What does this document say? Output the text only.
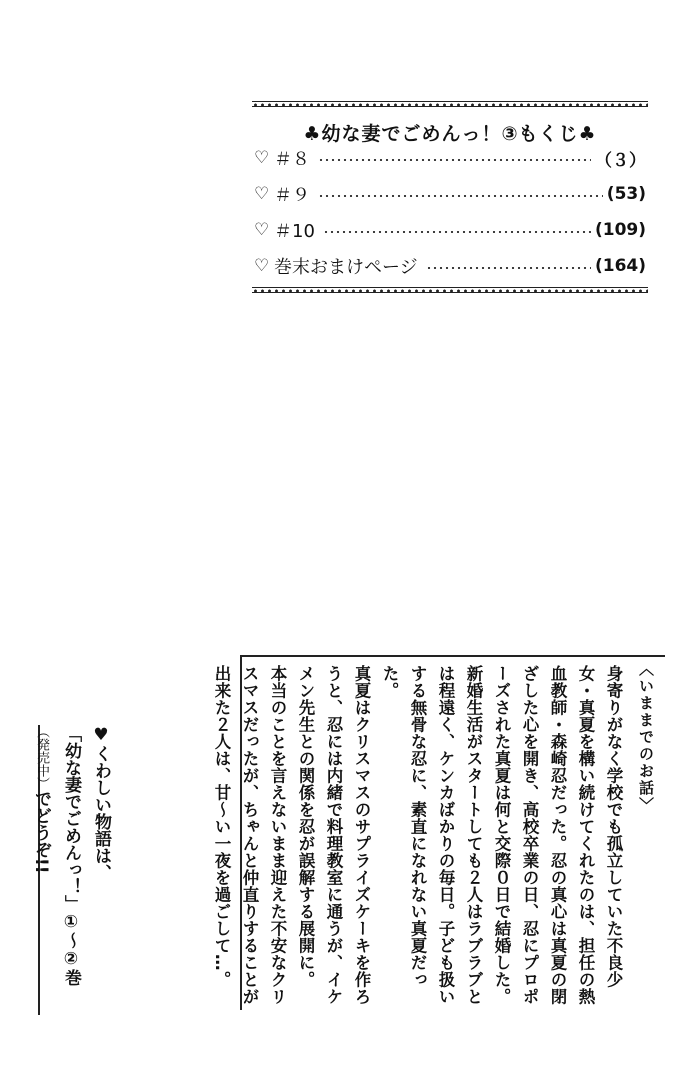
♣幼な妻でごめんっ！③もくじ♣
♡ ＃８	（３）
♡ ＃９	(53)
♡ ＃10	(109)
♡ 巻末おまけページ	(164)
〈いままでのお話〉

身寄りがなく学校でも孤立していた不良少女・真夏を構い続けてくれたのは、担任の熱血教師・森崎忍だった。忍の真心は真夏の閉ざした心を開き、高校卒業の日、忍にプロポーズされた真夏は何と交際０日で結婚した。

新婚生活がスタートしても２人はラブラブとは程遠く、ケンカばかりの毎日。子ども扱いする無骨な忍に、素直になれない真夏だった。

真夏はクリスマスのサプライズケーキを作ろうと、忍には内緒で料理教室に通うが、イケメン先生との関係を忍が誤解する展開に。

本当のことを言えないまま迎えた不安なクリスマスだったが、ちゃんと仲直りすることが出来た２人は、甘～い一夜を過ごして…。

♥くわしい物語は、
「幼な妻でごめんっ！」①～②巻
（発売中）でどうぞ!!
